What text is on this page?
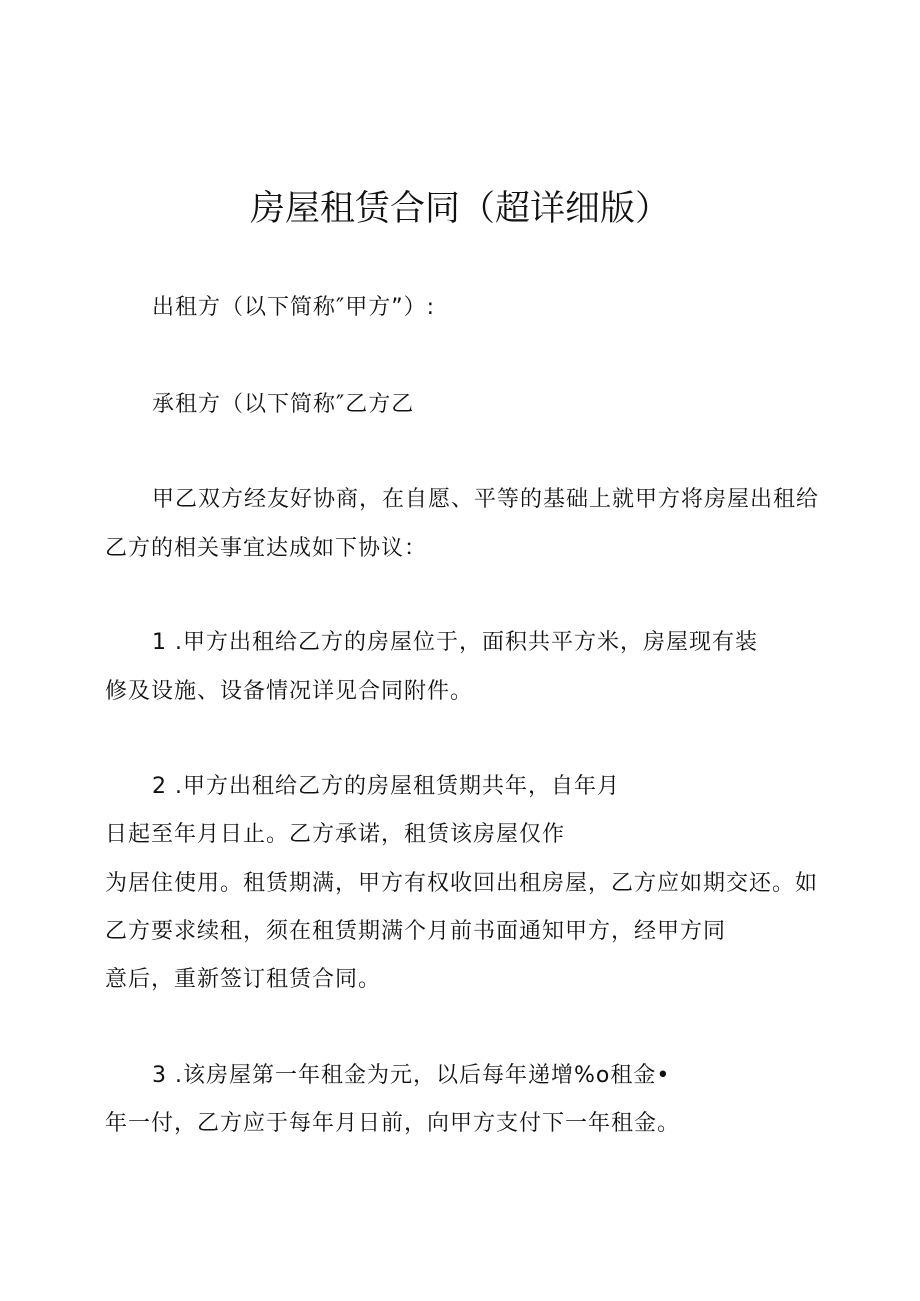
房屋租赁合同（超详细版）
出租方（以下简称″甲方”）:
承租方（以下简称″乙方乙
甲乙双方经友好协商，在自愿、平等的基础上就甲方将房屋出租给
乙方的相关事宜达成如下协议：
1 .甲方出租给乙方的房屋位于，面积共平方米，房屋现有装
修及设施、设备情况详见合同附件。
2 .甲方出租给乙方的房屋租赁期共年，自年月
日起至年月日止。乙方承诺，租赁该房屋仅作
为居住使用。租赁期满，甲方有权收回出租房屋，乙方应如期交还。如
乙方要求续租，须在租赁期满个月前书面通知甲方，经甲方同
意后，重新签订租赁合同。
3 .该房屋第一年租金为元，以后每年递增%o租金•
年一付，乙方应于每年月日前，向甲方支付下一年租金。
